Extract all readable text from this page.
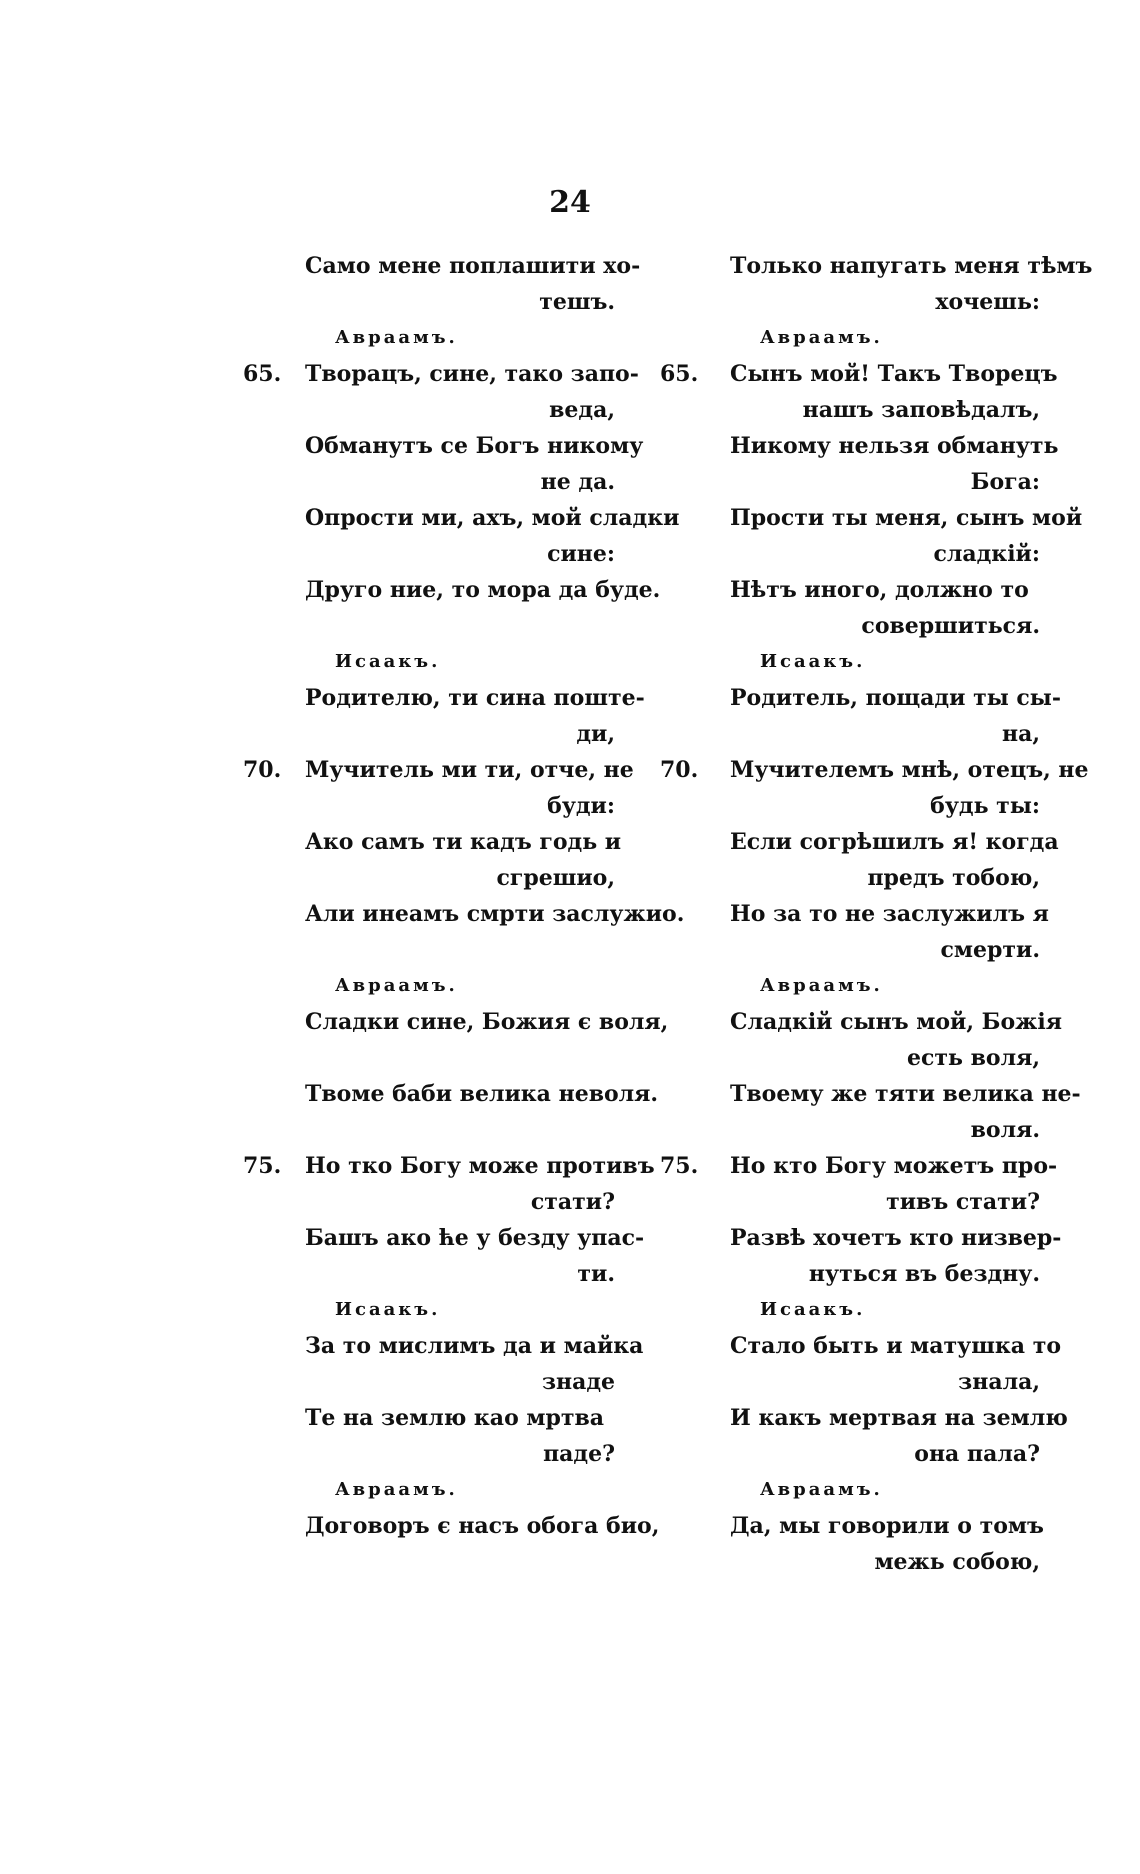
24
Само мене поплашити хо-
тешъ.
Авраамъ.
65.	Творацъ, сине, тако запо-
веда,
Обманутъ се Богъ никому
не да.
Опрости ми, ахъ, мой сладки
сине:
Друго ние, то мора да буде.
Исаакъ.
Родителю, ти сина поште-
ди,
70.	Мучитель ми ти, отче, не
буди:
Ако самъ ти кадъ годь и
сгрешио,
Али инеамъ смрти заслужио.
Авраамъ.
Сладки сине, Божия є воля,
Твоме баби велика неволя.
75.	Но тко Богу може противъ
стати?
Башъ ако ће у безду упас-
ти.
Исаакъ.
За то мислимъ да и майка
знаде
Те на землю као мртва
паде?
Авраамъ.
Договоръ є насъ обога био,
Только напугать меня тѣмъ
хочешь:
Авраамъ.
65.	Сынъ мой! Такъ Творецъ
нашъ заповѣдалъ,
Никому нельзя обмануть
Бога:
Прости ты меня, сынъ мой
сладкій:
Нѣтъ иного, должно то
совершиться.
Исаакъ.
Родитель, пощади ты сы-
на,
70.	Мучителемъ мнѣ, отецъ, не
будь ты:
Если согрѣшилъ я! когда
предъ тобою,
Но за то не заслужилъ я
смерти.
Авраамъ.
Сладкій сынъ мой, Божія
есть воля,
Твоему же тяти велика не-
воля.
75.	Но кто Богу можетъ про-
тивъ стати?
Развѣ хочетъ кто низвер-
нуться въ бездну.
Исаакъ.
Стало быть и матушка то
знала,
И какъ мертвая на землю
она пала?
Авраамъ.
Да, мы говорили о томъ
межь собою,
